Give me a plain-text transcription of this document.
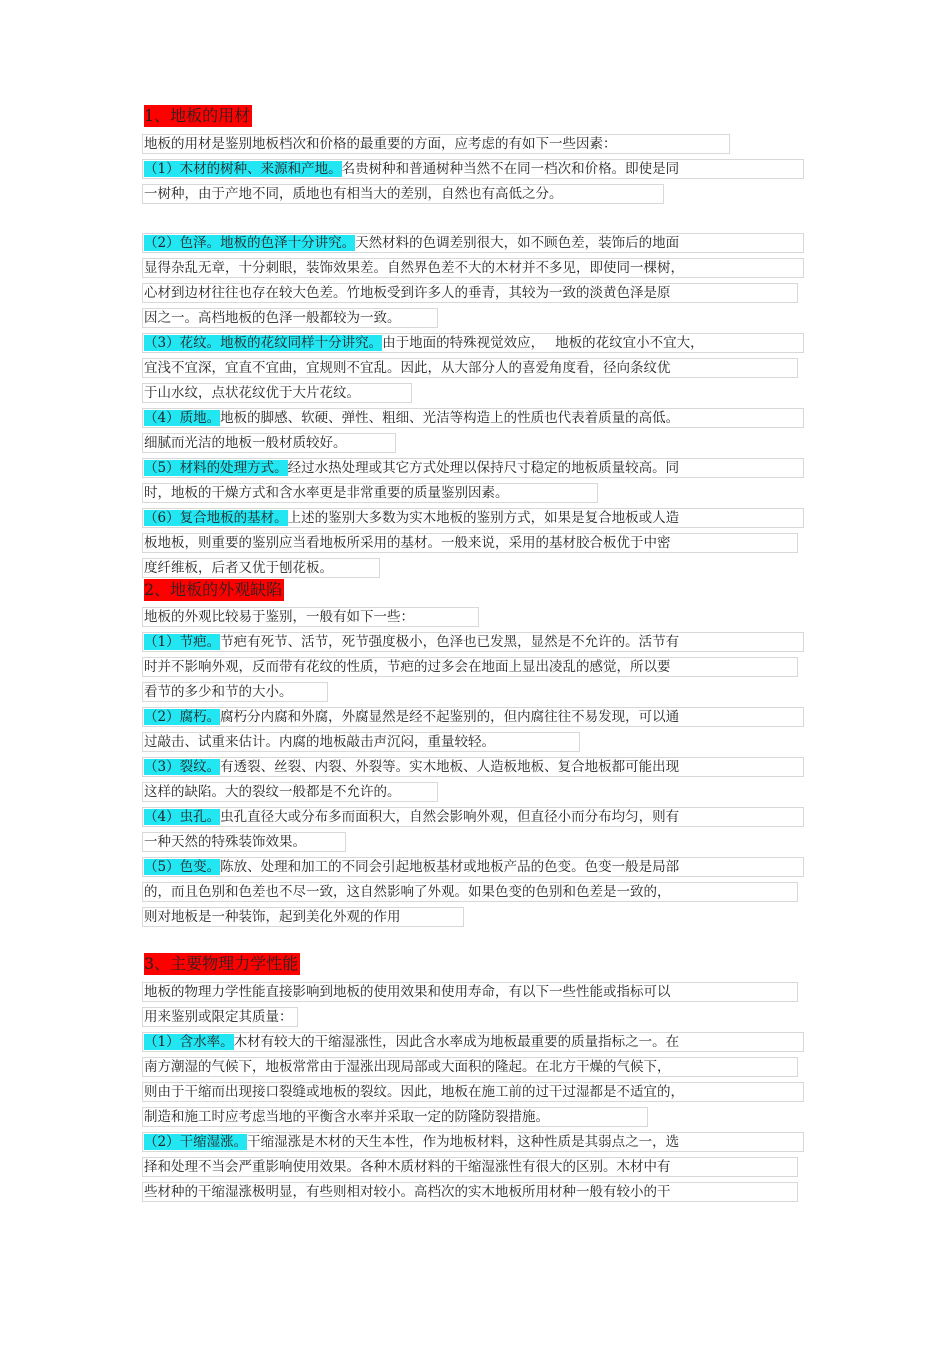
1、地板的用材
地板的用材是鉴别地板档次和价格的最重要的方面，应考虑的有如下一些因素：
（1）木材的树种、来源和产地。名贵树种和普通树种当然不在同一档次和价格。即使是同
一树种，由于产地不同，质地也有相当大的差别，自然也有高低之分。
（2）色泽。地板的色泽十分讲究。天然材料的色调差别很大，如不顾色差，装饰后的地面
显得杂乱无章，十分刺眼，装饰效果差。自然界色差不大的木材并不多见，即使同一棵树，
心材到边材往往也存在较大色差。竹地板受到许多人的垂青，其较为一致的淡黄色泽是原
因之一。高档地板的色泽一般都较为一致。
（3）花纹。地板的花纹同样十分讲究。由于地面的特殊视觉效应，　 地板的花纹宜小不宜大，
宜浅不宜深，宜直不宜曲，宜规则不宜乱。因此，从大部分人的喜爱角度看，径向条纹优
于山水纹，点状花纹优于大片花纹。
（4）质地。地板的脚感、软硬、弹性、粗细、光洁等构造上的性质也代表着质量的高低。
细腻而光洁的地板一般材质较好。
（5）材料的处理方式。经过水热处理或其它方式处理以保持尺寸稳定的地板质量较高。同
时，地板的干燥方式和含水率更是非常重要的质量鉴别因素。
（6）复合地板的基材。上述的鉴别大多数为实木地板的鉴别方式，如果是复合地板或人造
板地板，则重要的鉴别应当看地板所采用的基材。一般来说，采用的基材胶合板优于中密
度纤维板，后者又优于刨花板。
2、地板的外观缺陷
地板的外观比较易于鉴别，一般有如下一些：
（1）节疤。节疤有死节、活节，死节强度极小，色泽也已发黑，显然是不允许的。活节有
时并不影响外观，反而带有花纹的性质，节疤的过多会在地面上显出凌乱的感觉，所以要
看节的多少和节的大小。
（2）腐朽。腐朽分内腐和外腐，外腐显然是经不起鉴别的，但内腐往往不易发现，可以通
过敲击、试重来估计。内腐的地板敲击声沉闷，重量较轻。
（3）裂纹。有透裂、丝裂、内裂、外裂等。实木地板、人造板地板、复合地板都可能出现
这样的缺陷。大的裂纹一般都是不允许的。
（4）虫孔。虫孔直径大或分布多而面积大，自然会影响外观，但直径小而分布均匀，则有
一种天然的特殊装饰效果。
（5）色变。陈放、处理和加工的不同会引起地板基材或地板产品的色变。色变一般是局部
的，而且色别和色差也不尽一致，这自然影响了外观。如果色变的色别和色差是一致的，
则对地板是一种装饰，起到美化外观的作用
3、主要物理力学性能
地板的物理力学性能直接影响到地板的使用效果和使用寿命，有以下一些性能或指标可以
用来鉴别或限定其质量：
（1）含水率。木材有较大的干缩湿涨性，因此含水率成为地板最重要的质量指标之一。在
南方潮湿的气候下，地板常常由于湿涨出现局部或大面积的隆起。在北方干燥的气候下，
则由于干缩而出现接口裂缝或地板的裂纹。因此，地板在施工前的过干过湿都是不适宜的，
制造和施工时应考虑当地的平衡含水率并采取一定的防隆防裂措施。
（2）干缩湿涨。干缩湿涨是木材的天生本性，作为地板材料，这种性质是其弱点之一，选
择和处理不当会严重影响使用效果。各种木质材料的干缩湿涨性有很大的区别。木材中有
些材种的干缩湿涨极明显，有些则相对较小。高档次的实木地板所用材种一般有较小的干
